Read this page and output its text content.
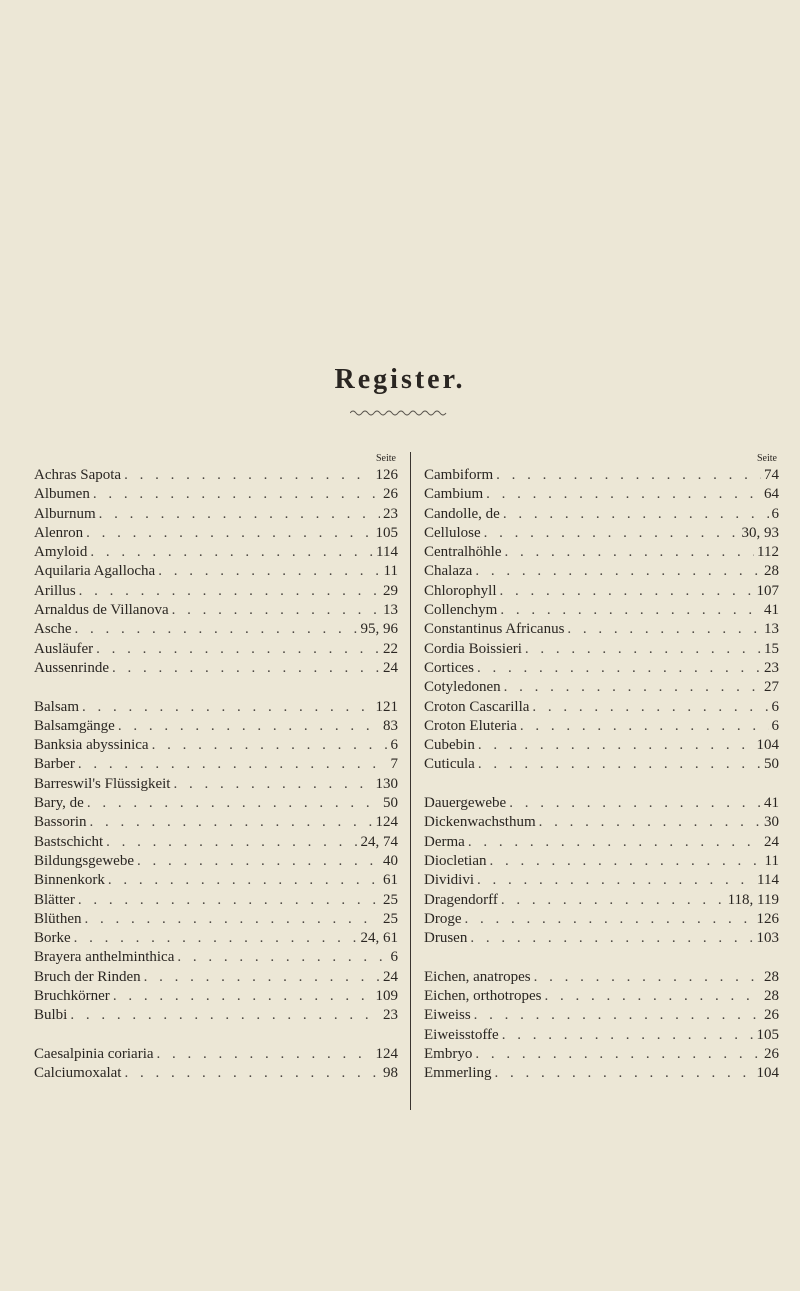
Register.
Seite
Achras Sapota . . .	126
Albumen . . .	26
Alburnum . . .	23
Alenron . . .	105
Amyloid . . .	114
Aquilaria Agallocha . . .	11
Arillus . . .	29
Arnaldus de Villanova . . .	13
Asche . . .	95, 96
Ausläufer . . .	22
Aussenrinde . . .	24
Balsam . . .	121
Balsamgänge . . .	83
Banksia abyssinica . . .	6
Barber . . .	7
Barreswil's Flüssigkeit . . .	130
Bary, de . . .	50
Bassorin . . .	124
Bastschicht . . .	24, 74
Bildungsgewebe . . .	40
Binnenkork . . .	61
Blätter . . .	25
Blüthen . . .	25
Borke . . .	24, 61
Brayera anthelminthica . . .	6
Bruch der Rinden . . .	24
Bruchkörner . . .	109
Bulbi . . .	23
Caesalpinia coriaria . . .	124
Calciumoxalat . . .	98
Seite
Cambiform . . .	74
Cambium . . .	64
Candolle, de . . .	6
Cellulose . . .	30, 93
Centralhöhle . . .	112
Chalaza . . .	28
Chlorophyll . . .	107
Collenchym . . .	41
Constantinus Africanus . . .	13
Cordia Boissieri . . .	15
Cortices . . .	23
Cotyledonen . . .	27
Croton Cascarilla . . .	6
Croton Eluteria . . .	6
Cubebin . . .	104
Cuticula . . .	50
Dauergewebe . . .	41
Dickenwachsthum . . .	30
Derma . . .	24
Diocletian . . .	11
Dividivi . . .	114
Dragendorff . . .	118, 119
Droge . . .	126
Drusen . . .	103
Eichen, anatropes . . .	28
Eichen, orthotropes . . .	28
Eiweiss . . .	26
Eiweisstoffe . . .	105
Embryo . . .	26
Emmerling . . .	104
